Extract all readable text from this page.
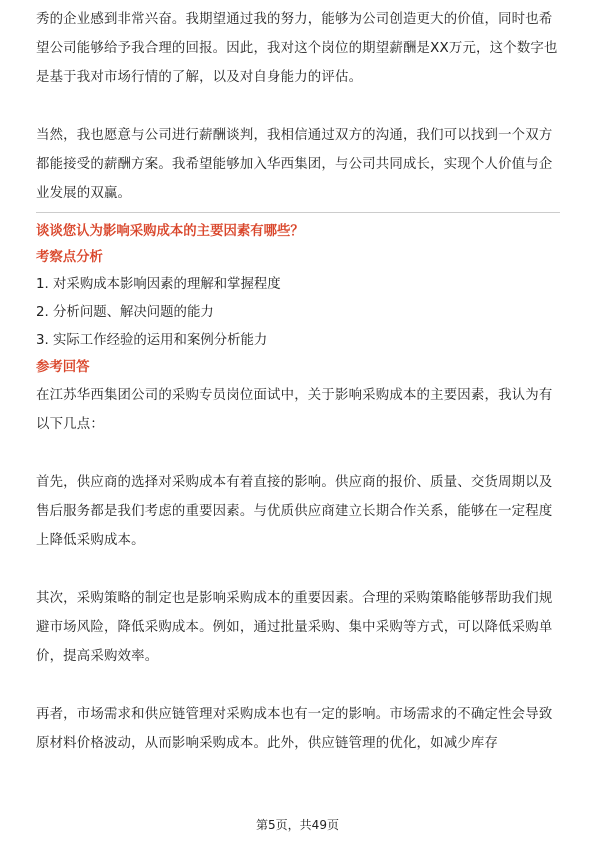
秀的企业感到非常兴奋。我期望通过我的努力，能够为公司创造更大的价值，同时也希望公司能够给予我合理的回报。因此，我对这个岗位的期望薪酬是XX万元，这个数字也是基于我对市场行情的了解，以及对自身能力的评估。

当然，我也愿意与公司进行薪酬谈判，我相信通过双方的沟通，我们可以找到一个双方都能接受的薪酬方案。我希望能够加入华西集团，与公司共同成长，实现个人价值与企业发展的双赢。

谈谈您认为影响采购成本的主要因素有哪些？

考察点分析

1. 对采购成本影响因素的理解和掌握程度

2. 分析问题、解决问题的能力

3. 实际工作经验的运用和案例分析能力

参考回答

在江苏华西集团公司的采购专员岗位面试中，关于影响采购成本的主要因素，我认为有以下几点：

首先，供应商的选择对采购成本有着直接的影响。供应商的报价、质量、交货周期以及售后服务都是我们考虑的重要因素。与优质供应商建立长期合作关系，能够在一定程度上降低采购成本。

其次，采购策略的制定也是影响采购成本的重要因素。合理的采购策略能够帮助我们规避市场风险，降低采购成本。例如，通过批量采购、集中采购等方式，可以降低采购单价，提高采购效率。

再者，市场需求和供应链管理对采购成本也有一定的影响。市场需求的不确定性会导致原材料价格波动，从而影响采购成本。此外，供应链管理的优化，如减少库存

第5页，共49页
